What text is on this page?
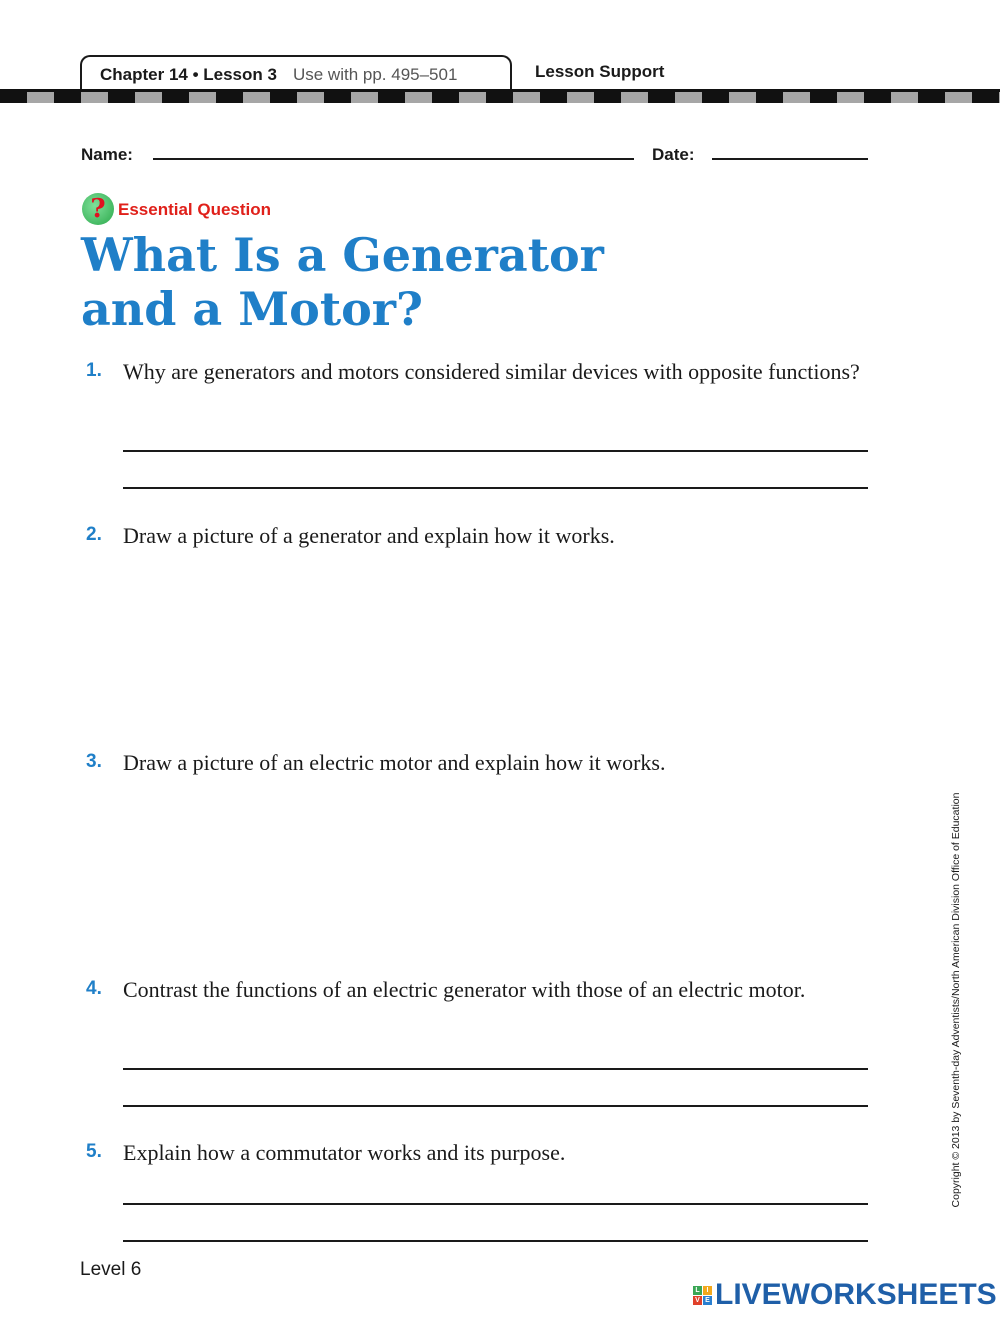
Chapter 14 • Lesson 3 Use with pp. 495–501	Lesson Support
Name:	Date:
? Essential Question
What Is a Generator
and a Motor?
1. Why are generators and motors considered similar devices with opposite functions?
2. Draw a picture of a generator and explain how it works.
3. Draw a picture of an electric motor and explain how it works.
4. Contrast the functions of an electric generator with those of an electric motor.
5. Explain how a commutator works and its purpose.
Level 6
Copyright © 2013 by Seventh-day Adventists/North American Division Office of Education
L I
V E LIVEWORKSHEETS
